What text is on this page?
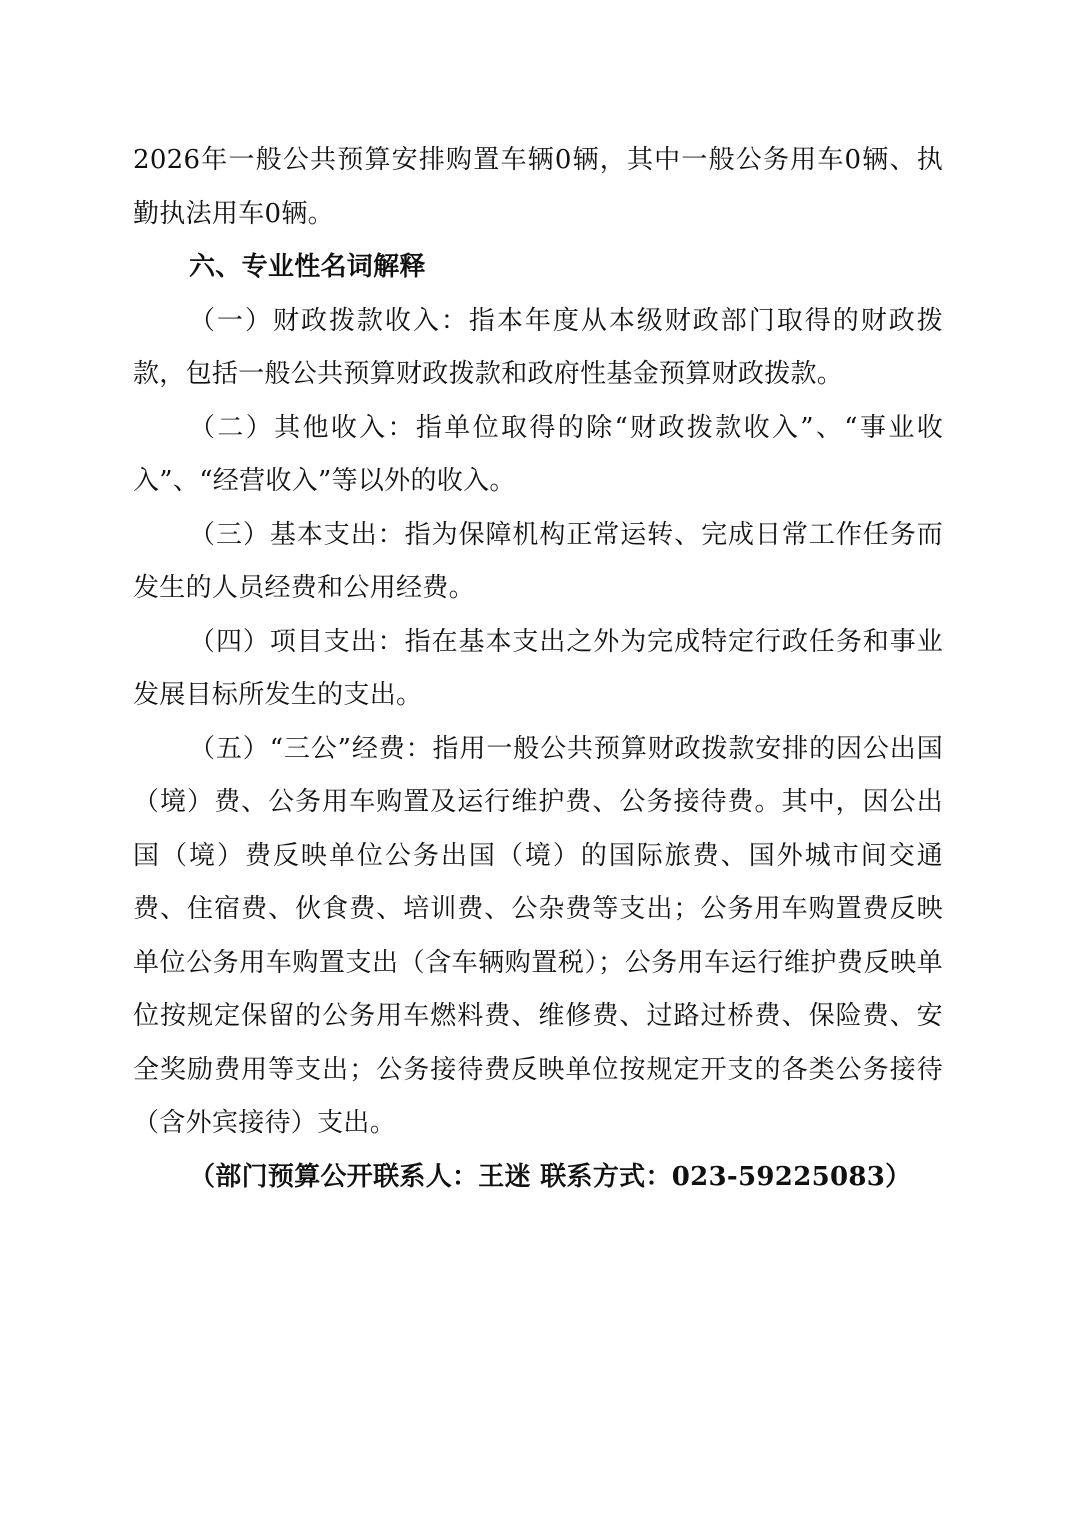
2026年一般公共预算安排购置车辆0辆，其中一般公务用车0辆、执勤执法用车0辆。

六、专业性名词解释

（一）财政拨款收入：指本年度从本级财政部门取得的财政拨款，包括一般公共预算财政拨款和政府性基金预算财政拨款。

（二）其他收入：指单位取得的除“财政拨款收入”、“事业收入”、“经营收入”等以外的收入。

（三）基本支出：指为保障机构正常运转、完成日常工作任务而发生的人员经费和公用经费。

（四）项目支出：指在基本支出之外为完成特定行政任务和事业发展目标所发生的支出。

（五）“三公”经费：指用一般公共预算财政拨款安排的因公出国（境）费、公务用车购置及运行维护费、公务接待费。其中，因公出国（境）费反映单位公务出国（境）的国际旅费、国外城市间交通费、住宿费、伙食费、培训费、公杂费等支出；公务用车购置费反映单位公务用车购置支出（含车辆购置税）；公务用车运行维护费反映单位按规定保留的公务用车燃料费、维修费、过路过桥费、保险费、安全奖励费用等支出；公务接待费反映单位按规定开支的各类公务接待（含外宾接待）支出。

（部门预算公开联系人：王迷 联系方式：023-59225083）
